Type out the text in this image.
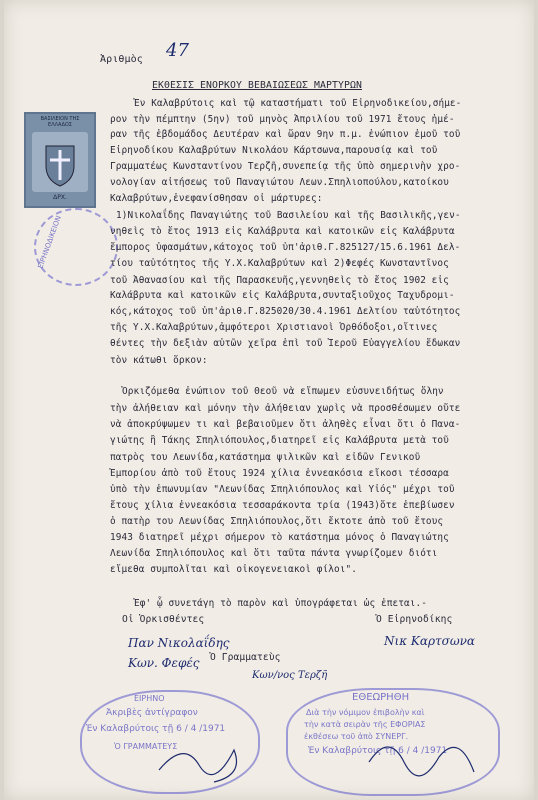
Ἀριθμὸς 47
ΕΚΘΕΣΙΣ ΕΝΟΡΚΟΥ ΒΕΒΑΙΩΣΕΩΣ ΜΑΡΤΥΡΩΝ
ΒΑΣΙΛΕΙΟΝ ΤΗΣ ΕΛΛΑΔΟΣ
ΔΡΧ.
ΕΙΡΗΝΟΔΙΚΕΙΟΝ
Ἐν Καλαβρύτοις καὶ τῷ καταστήματι τοῦ Εἰρηνοδικείου,σήμε-
ρον τὴν πέμπτην (5ην) τοῦ μηνὸς Ἀπριλίου τοῦ 1971 ἔτους ἡμέ-
ραν τῆς ἑβδομάδος Δευτέραν καὶ ὥραν 9ην π.μ. ἐνώπιον ἐμοῦ τοῦ
Εἰρηνοδίκου Καλαβρύτων Νικολάου Κάρτσωνα,παρουσίᾳ καὶ τοῦ
Γραμματέως Κωνσταντίνου Τερζῆ,συνεπείᾳ τῆς ὑπὸ σημερινὴν χρο-
νολογίαν αἰτήσεως τοῦ Παναγιώτου Λεων.Σπηλιοπούλου,κατοίκου
Καλαβρύτων,ἐνεφανίσθησαν οἱ μάρτυρες:
1)Νικολαΐδης Παναγιώτης τοῦ Βασιλείου καὶ τῆς Βασιλικῆς,γεν-
νηθεὶς τὸ ἔτος 1913 εἰς Καλάβρυτα καὶ κατοικῶν εἰς Καλάβρυτα
ἔμπορος ὑφασμάτων,κάτοχος τοῦ ὑπ'ἀριθ.Γ.825127/15.6.1961 Δελ-
τίου ταὐτότητος τῆς Υ.Χ.Καλαβρύτων καὶ 2)Φεφές Κωνσταντῖνος
τοῦ Ἀθανασίου καὶ τῆς Παρασκευῆς,γεννηθεὶς τὸ ἔτος 1902 εἰς
Καλάβρυτα καὶ κατοικῶν εἰς Καλάβρυτα,συνταξιοῦχος Ταχυδρομι-
κός,κάτοχος τοῦ ὑπ'ἀριθ.Γ.825020/30.4.1961 Δελτίου ταὐτότητος
τῆς Υ.Χ.Καλαβρύτων,ἀμφότεροι Χριστιανοὶ Ὀρθόδοξοι,οἵτινες
θέντες τὴν δεξιὰν αὐτῶν χεῖρα ἐπὶ τοῦ Ἱεροῦ Εὐαγγελίου ἔδωκαν
τὸν κάτωθι ὅρκον:
Ὁρκιζόμεθα ἐνώπιον τοῦ Θεοῦ νὰ εἴπωμεν εὐσυνειδήτως ὅλην
τὴν ἀλήθειαν καὶ μόνην τὴν ἀλήθειαν χωρὶς νὰ προσθέσωμεν οὔτε
νὰ ἀποκρύψωμεν τι καὶ βεβαιοῦμεν ὅτι ἀληθὲς εἶναι ὅτι ὁ Πανα-
γιώτης ἢ Τάκης Σπηλιόπουλος,διατηρεῖ εἰς Καλάβρυτα μετὰ τοῦ
πατρὸς του Λεωνίδα,κατάστημα ψιλικῶν καὶ εἰδῶν Γενικοῦ
Ἐμπορίου ἀπὸ τοῦ ἔτους 1924 χίλια ἐννεακόσια εἴκοσι τέσσαρα
ὑπὸ τὴν ἐπωνυμίαν "Λεωνίδας Σπηλιόπουλος καὶ Υἱός" μέχρι τοῦ
ἔτους χίλια ἐννεακόσια τεσσαράκοντα τρία (1943)ὅτε ἐπεβίωσεν
ὁ πατὴρ του Λεωνίδας Σπηλιόπουλος,ὅτι ἔκτοτε ἀπὸ τοῦ ἔτους
1943 διατηρεῖ μέχρι σήμερον τὸ κατάστημα μόνος ὁ Παναγιώτης
Λεωνίδα Σπηλιόπουλος καὶ ὅτι ταῦτα πάντα γνωρίζομεν διότι
εἴμεθα συμπολῖται καὶ οἰκογενειακοὶ φίλοι".
Ἐφ' ᾧ συνετάγη τὸ παρὸν καὶ ὑπογράφεται ὡς ἑπεται.-
Οἱ Ὁρκισθέντες	Ὁ Εἰρηνοδίκης
Παν Νικολαΐδης	Νικ Καρτσωνα
Κων. Φεφές Ὁ Γραμματεὺς
Κων/νος Τερζῆ
ΕΙΡΗΝΟ
Ἀκριβὲς ἀντίγραφον
Ἐν Καλαβρύτοις τῇ 6 / 4 /1971
Ὁ ΓΡΑΜΜΑΤΕΥΣ
ΕΘΕΩΡΗΘΗ
Διὰ τὴν νόμιμον ἐπιβολὴν καὶ
τὴν κατὰ σειρὰν τῆς ΕΦΟΡΙΑΣ
ἐκθέσεω τοῦ ἀπὸ ΣΥΝΕΡΓ.
Ἐν Καλαβρύτοις τῇ 6 / 4 /1971
